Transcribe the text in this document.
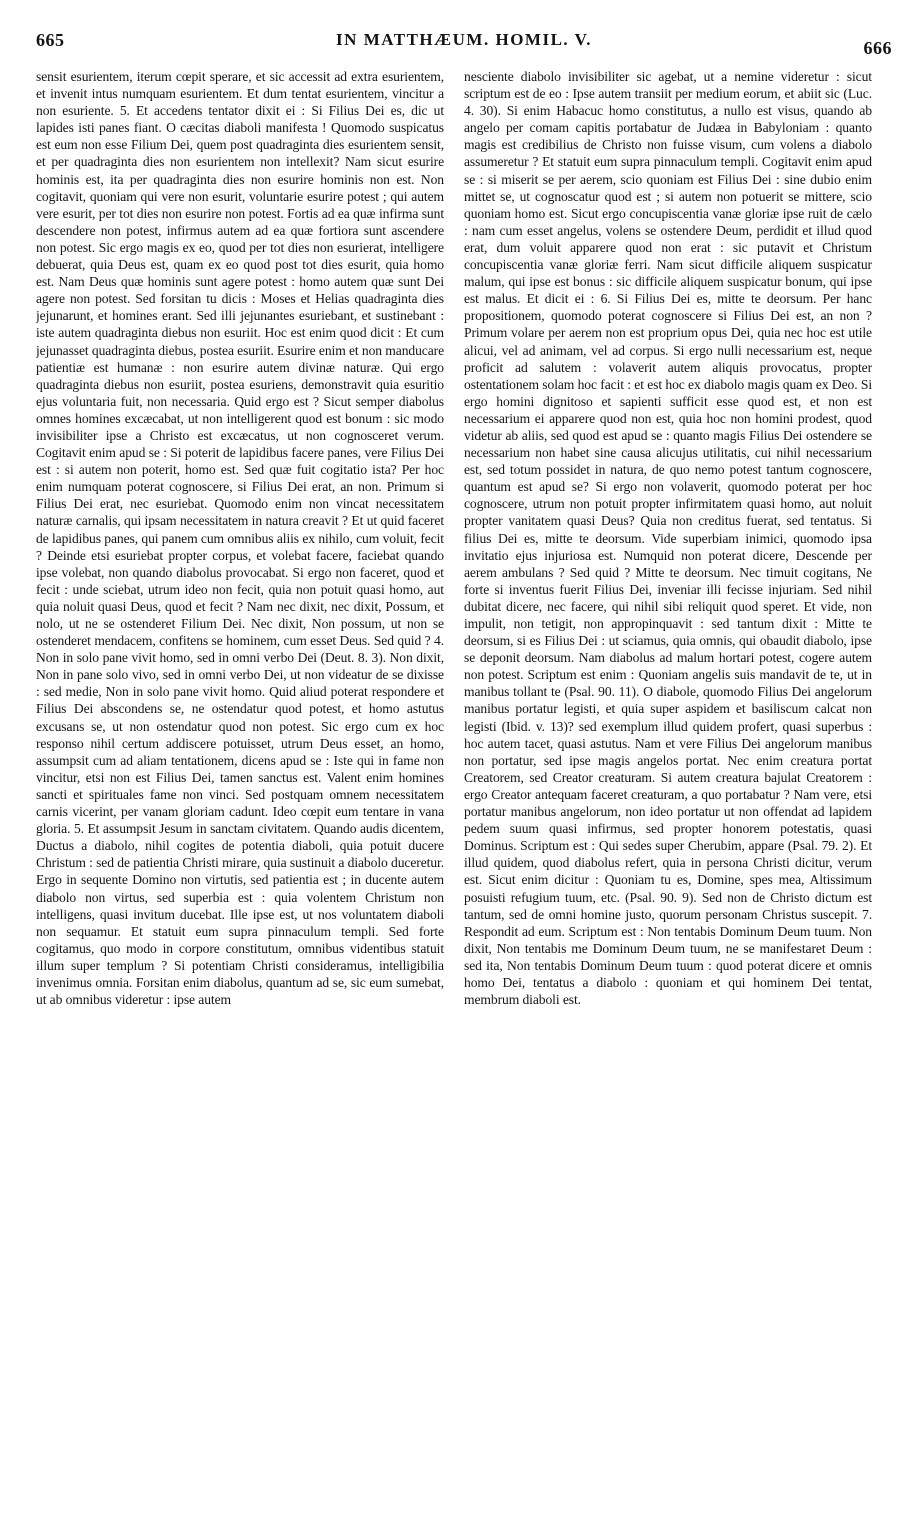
665	IN MATTHÆUM. HOMIL. V.	666

sensit esurientem, iterum cœpit sperare, et sic accessit ad extra esurientem, et invenit intus numquam esurientem. Et dum tentat esurientem, vincitur a non esuriente. 5. Et accedens tentator dixit ei : Si Filius Dei es, dic ut lapides isti panes fiant. O cæcitas diaboli manifesta ! Quomodo suspicatus est eum non esse Filium Dei, quem post quadraginta dies esurientem sensit, et per quadraginta dies non esurientem non intellexit? Nam sicut esurire hominis est, ita per quadraginta dies non esurire hominis non est. Non cogitavit, quoniam qui vere non esurit, voluntarie esurire potest ; qui autem vere esurit, per tot dies non esurire non potest. Fortis ad ea quæ infirma sunt descendere non potest, infirmus autem ad ea quæ fortiora sunt ascendere non potest. Sic ergo magis ex eo, quod per tot dies non esurierat, intelligere debuerat, quia Deus est, quam ex eo quod post tot dies esurit, quia homo est. Nam Deus quæ hominis sunt agere potest : homo autem quæ sunt Dei agere non potest. Sed forsitan tu dicis : Moses et Helias quadraginta dies jejunarunt, et homines erant. Sed illi jejunantes esuriebant, et sustinebant : iste autem quadraginta diebus non esuriit. Hoc est enim quod dicit : Et cum jejunasset quadraginta diebus, postea esuriit. Esurire enim et non manducare patientiæ est humanæ : non esurire autem divinæ naturæ. Qui ergo quadraginta diebus non esuriit, postea esuriens, demonstravit quia esuritio ejus voluntaria fuit, non necessaria. Quid ergo est ? Sicut semper diabolus omnes homines excæcabat, ut non intelligerent quod est bonum : sic modo invisibiliter ipse a Christo est excæcatus, ut non cognosceret verum. Cogitavit enim apud se : Si poterit de lapidibus facere panes, vere Filius Dei est : si autem non poterit, homo est. Sed quæ fuit cogitatio ista? Per hoc enim numquam poterat cognoscere, si Filius Dei erat, an non. Primum si Filius Dei erat, nec esuriebat. Quomodo enim non vincat necessitatem naturæ carnalis, qui ipsam necessitatem in natura creavit ? Et ut quid faceret de lapidibus panes, qui panem cum omnibus aliis ex nihilo, cum voluit, fecit ? Deinde etsi esuriebat propter corpus, et volebat facere, faciebat quando ipse volebat, non quando diabolus provocabat. Si ergo non faceret, quod et fecit : unde sciebat, utrum ideo non fecit, quia non potuit quasi homo, aut quia noluit quasi Deus, quod et fecit ? Nam nec dixit, nec dixit, Possum, et nolo, ut ne se ostenderet Filium Dei. Nec dixit, Non possum, ut non se ostenderet mendacem, confitens se hominem, cum esset Deus. Sed quid ? 4. Non in solo pane vivit homo, sed in omni verbo Dei (Deut. 8. 3). Non dixit, Non in pane solo vivo, sed in omni verbo Dei, ut non videatur de se dixisse : sed medie, Non in solo pane vivit homo. Quid aliud poterat respondere et Filius Dei abscondens se, ne ostendatur quod potest, et homo astutus excusans se, ut non ostendatur quod non potest. Sic ergo cum ex hoc responso nihil certum addiscere potuisset, utrum Deus esset, an homo, assumpsit cum ad aliam tentationem, dicens apud se : Iste qui in fame non vincitur, etsi non est Filius Dei, tamen sanctus est. Valent enim homines sancti et spirituales fame non vinci. Sed postquam omnem necessitatem carnis vicerint, per vanam gloriam cadunt. Ideo cœpit eum tentare in vana gloria. 5. Et assumpsit Jesum in sanctam civitatem. Quando audis dicentem, Ductus a diabolo, nihil cogites de potentia diaboli, quia potuit ducere Christum : sed de patientia Christi mirare, quia sustinuit a diabolo duceretur. Ergo in sequente Domino non virtutis, sed patientia est ; in ducente autem diabolo non virtus, sed superbia est : quia volentem Christum non intelligens, quasi invitum ducebat. Ille ipse est, ut nos voluntatem diaboli non sequamur. Et statuit eum supra pinnaculum templi. Sed forte cogitamus, quo modo in corpore constitutum, omnibus videntibus statuit illum super templum ? Si potentiam Christi consideramus, intelligibilia invenimus omnia. Forsitan enim diabolus, quantum ad se, sic eum sumebat, ut ab omnibus videretur : ipse autem

nesciente diabolo invisibiliter sic agebat, ut a nemine videretur : sicut scriptum est de eo : Ipse autem transiit per medium eorum, et abiit sic (Luc. 4. 30). Si enim Habacuc homo constitutus, a nullo est visus, quando ab angelo per comam capitis portabatur de Judæa in Babyloniam : quanto magis est credibilius de Christo non fuisse visum, cum volens a diabolo assumeretur ? Et statuit eum supra pinnaculum templi. Cogitavit enim apud se : si miserit se per aerem, scio quoniam est Filius Dei : sine dubio enim mittet se, ut cognoscatur quod est ; si autem non potuerit se mittere, scio quoniam homo est. Sicut ergo concupiscentia vanæ gloriæ ipse ruit de cælo : nam cum esset angelus, volens se ostendere Deum, perdidit et illud quod erat, dum voluit apparere quod non erat : sic putavit et Christum concupiscentia vanæ gloriæ ferri. Nam sicut difficile aliquem suspicatur malum, qui ipse est bonus : sic difficile aliquem suspicatur bonum, qui ipse est malus. Et dicit ei : 6. Si Filius Dei es, mitte te deorsum. Per hanc propositionem, quomodo poterat cognoscere si Filius Dei est, an non ? Primum volare per aerem non est proprium opus Dei, quia nec hoc est utile alicui, vel ad animam, vel ad corpus. Si ergo nulli necessarium est, neque proficit ad salutem : volaverit autem aliquis provocatus, propter ostentationem solam hoc facit : et est hoc ex diabolo magis quam ex Deo. Si ergo homini dignitoso et sapienti sufficit esse quod est, et non est necessarium ei apparere quod non est, quia hoc non homini prodest, quod videtur ab aliis, sed quod est apud se : quanto magis Filius Dei ostendere se necessarium non habet sine causa alicujus utilitatis, cui nihil necessarium est, sed totum possidet in natura, de quo nemo potest tantum cognoscere, quantum est apud se? Si ergo non volaverit, quomodo poterat per hoc cognoscere, utrum non potuit propter infirmitatem quasi homo, aut noluit propter vanitatem quasi Deus? Quia non creditus fuerat, sed tentatus. Si filius Dei es, mitte te deorsum. Vide superbiam inimici, quomodo ipsa invitatio ejus injuriosa est. Numquid non poterat dicere, Descende per aerem ambulans ? Sed quid ? Mitte te deorsum. Nec timuit cogitans, Ne forte si inventus fuerit Filius Dei, inveniar illi fecisse injuriam. Sed nihil dubitat dicere, nec facere, qui nihil sibi reliquit quod speret. Et vide, non impulit, non tetigit, non appropinquavit : sed tantum dixit : Mitte te deorsum, si es Filius Dei : ut sciamus, quia omnis, qui obaudit diabolo, ipse se deponit deorsum. Nam diabolus ad malum hortari potest, cogere autem non potest. Scriptum est enim : Quoniam angelis suis mandavit de te, ut in manibus tollant te (Psal. 90. 11). O diabole, quomodo Filius Dei angelorum manibus portatur legisti, et quia super aspidem et basiliscum calcat non legisti (Ibid. v. 13)? sed exemplum illud quidem profert, quasi superbus : hoc autem tacet, quasi astutus. Nam et vere Filius Dei angelorum manibus non portatur, sed ipse magis angelos portat. Nec enim creatura portat Creatorem, sed Creator creaturam. Si autem creatura bajulat Creatorem : ergo Creator antequam faceret creaturam, a quo portabatur ? Nam vere, etsi portatur manibus angelorum, non ideo portatur ut non offendat ad lapidem pedem suum quasi infirmus, sed propter honorem potestatis, quasi Dominus. Scriptum est : Qui sedes super Cherubim, appare (Psal. 79. 2). Et illud quidem, quod diabolus refert, quia in persona Christi dicitur, verum est. Sicut enim dicitur : Quoniam tu es, Domine, spes mea, Altissimum posuisti refugium tuum, etc. (Psal. 90. 9). Sed non de Christo dictum est tantum, sed de omni homine justo, quorum personam Christus suscepit. 7. Respondit ad eum. Scriptum est : Non tentabis Dominum Deum tuum. Non dixit, Non tentabis me Dominum Deum tuum, ne se manifestaret Deum : sed ita, Non tentabis Dominum Deum tuum : quod poterat dicere et omnis homo Dei, tentatus a diabolo : quoniam et qui hominem Dei tentat, membrum diaboli est.
